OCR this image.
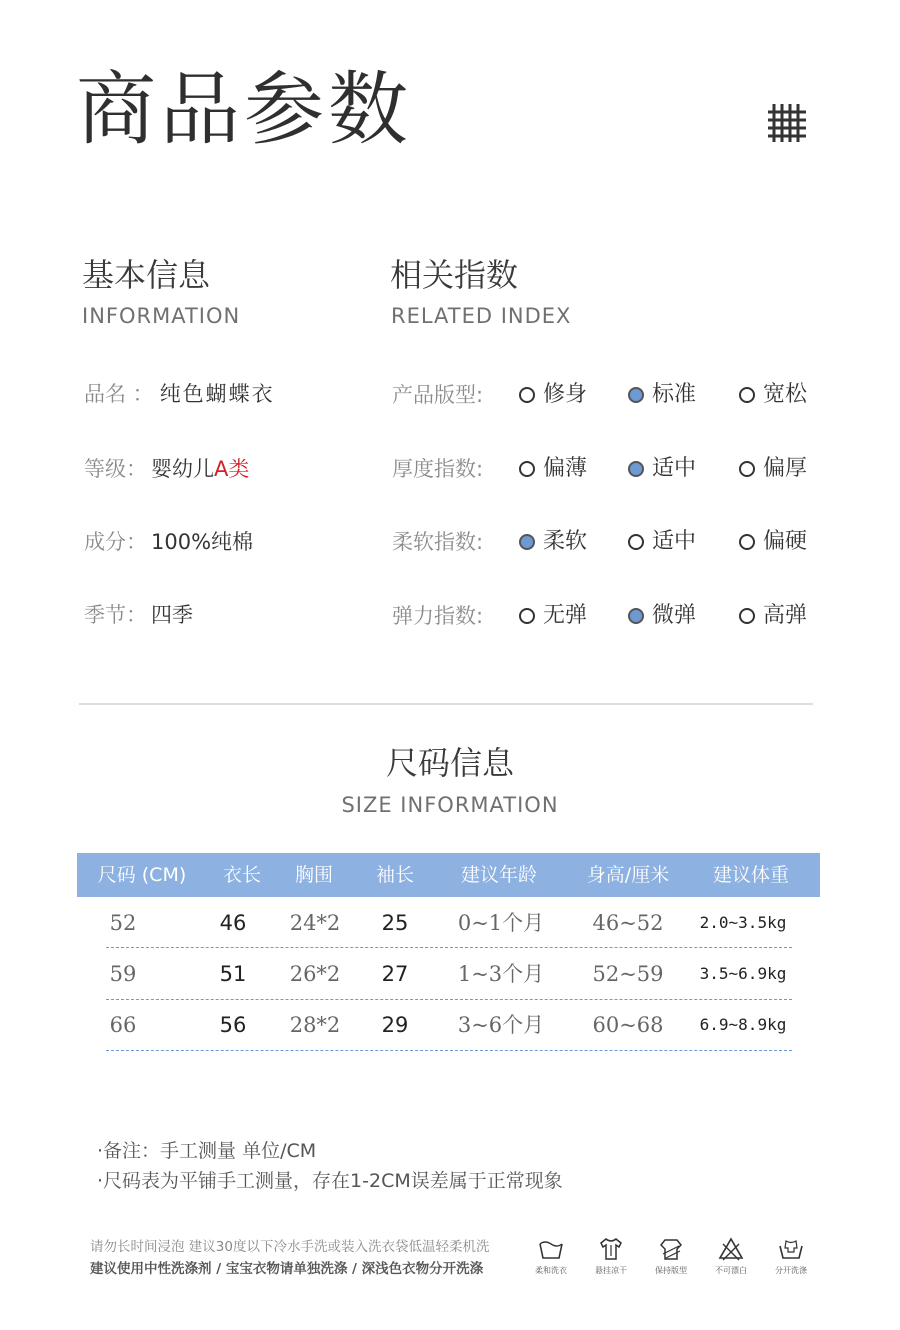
商品参数
基本信息
INFORMATION
品名 ： 纯色蝴蝶衣
等级： 婴幼儿 A类
成分： 100%纯棉
季节： 四季
相关指数
RELATED INDEX
产品版型:	修身	标准	宽松
厚度指数:	偏薄	适中	偏厚
柔软指数:	柔软	适中	偏硬
弹力指数:	无弹	微弹	高弹
尺码信息
SIZE INFORMATION
尺码 (CM)	衣长	胸围	袖长	建议年龄	身高/厘米	建议体重
52	46	24*2	25	0~1个月	46~52	2.0~3.5kg
59	51	26*2	27	1~3个月	52~59	3.5~6.9kg
66	56	28*2	29	3~6个月	60~68	6.9~8.9kg
·备注：手工测量 单位/CM
·尺码表为平铺手工测量，存在1-2CM误差属于正常现象
请勿长时间浸泡 建议30度以下冷水手洗或装入洗衣袋低温轻柔机洗
建议使用中性洗涤剂 / 宝宝衣物请单独洗涤 / 深浅色衣物分开洗涤	柔和洗衣	悬挂凉干	保持版型	不可漂白	分开洗涤
